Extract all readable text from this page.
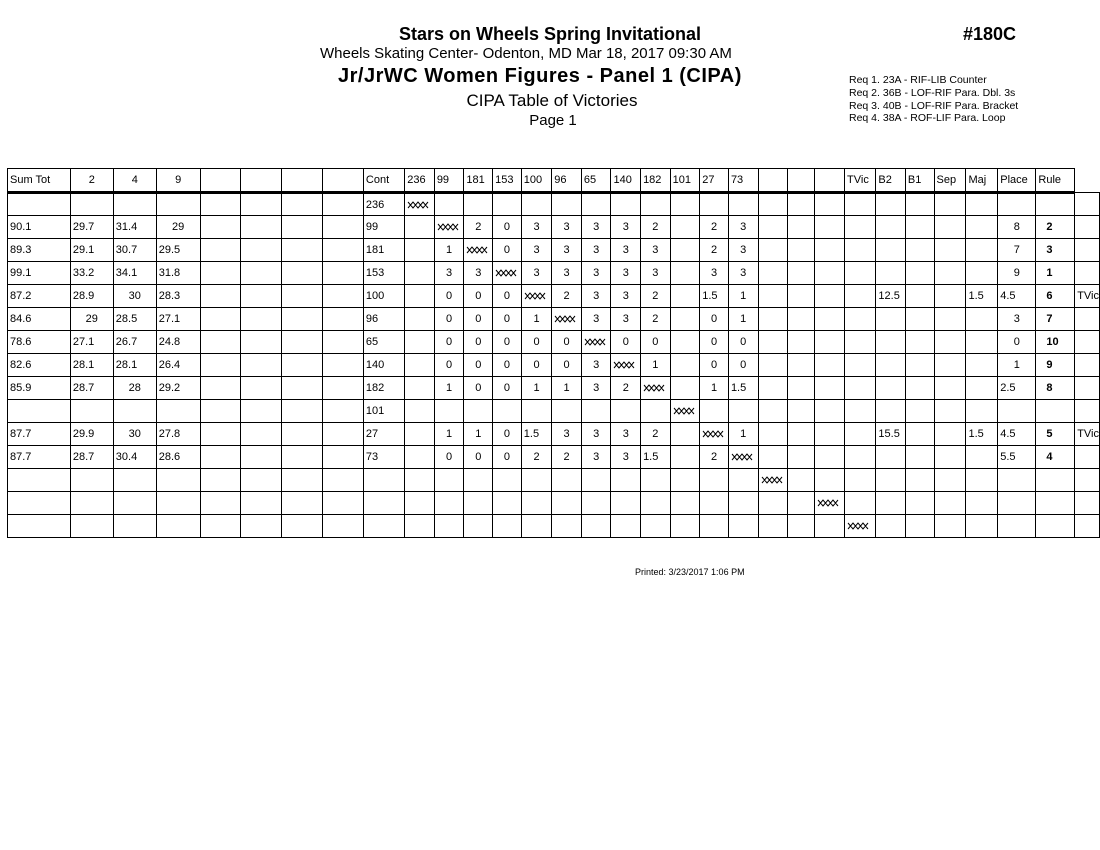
Stars on Wheels Spring Invitational
Wheels Skating Center- Odenton, MD Mar 18, 2017 09:30 AM
Jr/JrWC Women Figures - Panel 1 (CIPA)
CIPA Table of Victories
Page 1
#180C
Req 1. 23A - RIF-LIB Counter
Req 2. 36B - LOF-RIF Para. Dbl. 3s
Req 3. 40B - LOF-RIF Para. Bracket
Req 4. 38A - ROF-LIF Para. Loop
Sum Tot	2	4	9					Cont	236	99	181	153	100	96	65	140	182	101	27	73				TVic	B2	B1	Sep	Maj	Place	Rule	
								236																							
90.1	29.7	31.4	29					99			2	0	3	3	3	3	2		2	3									8	2	
89.3	29.1	30.7	29.5					181		1		0	3	3	3	3	3		2	3									7	3	
99.1	33.2	34.1	31.8					153		3	3		3	3	3	3	3		3	3									9	1	
87.2	28.9	30	28.3					100		0	0	0		2	3	3	2		1.5	1					12.5			1.5	4.5	6	TVic
84.6	29	28.5	27.1					96		0	0	0	1		3	3	2		0	1									3	7	
78.6	27.1	26.7	24.8					65		0	0	0	0	0		0	0		0	0									0	10	
82.6	28.1	28.1	26.4					140		0	0	0	0	0	3		1		0	0									1	9	
85.9	28.7	28	29.2					182		1	0	0	1	1	3	2			1	1.5									2.5	8	
								101																							
87.7	29.9	30	27.8					27		1	1	0	1.5	3	3	3	2			1					15.5			1.5	4.5	5	TVic
87.7	28.7	30.4	28.6					73		0	0	0	2	2	3	3	1.5		2										5.5	4	

Printed: 3/23/2017 1:06 PM
